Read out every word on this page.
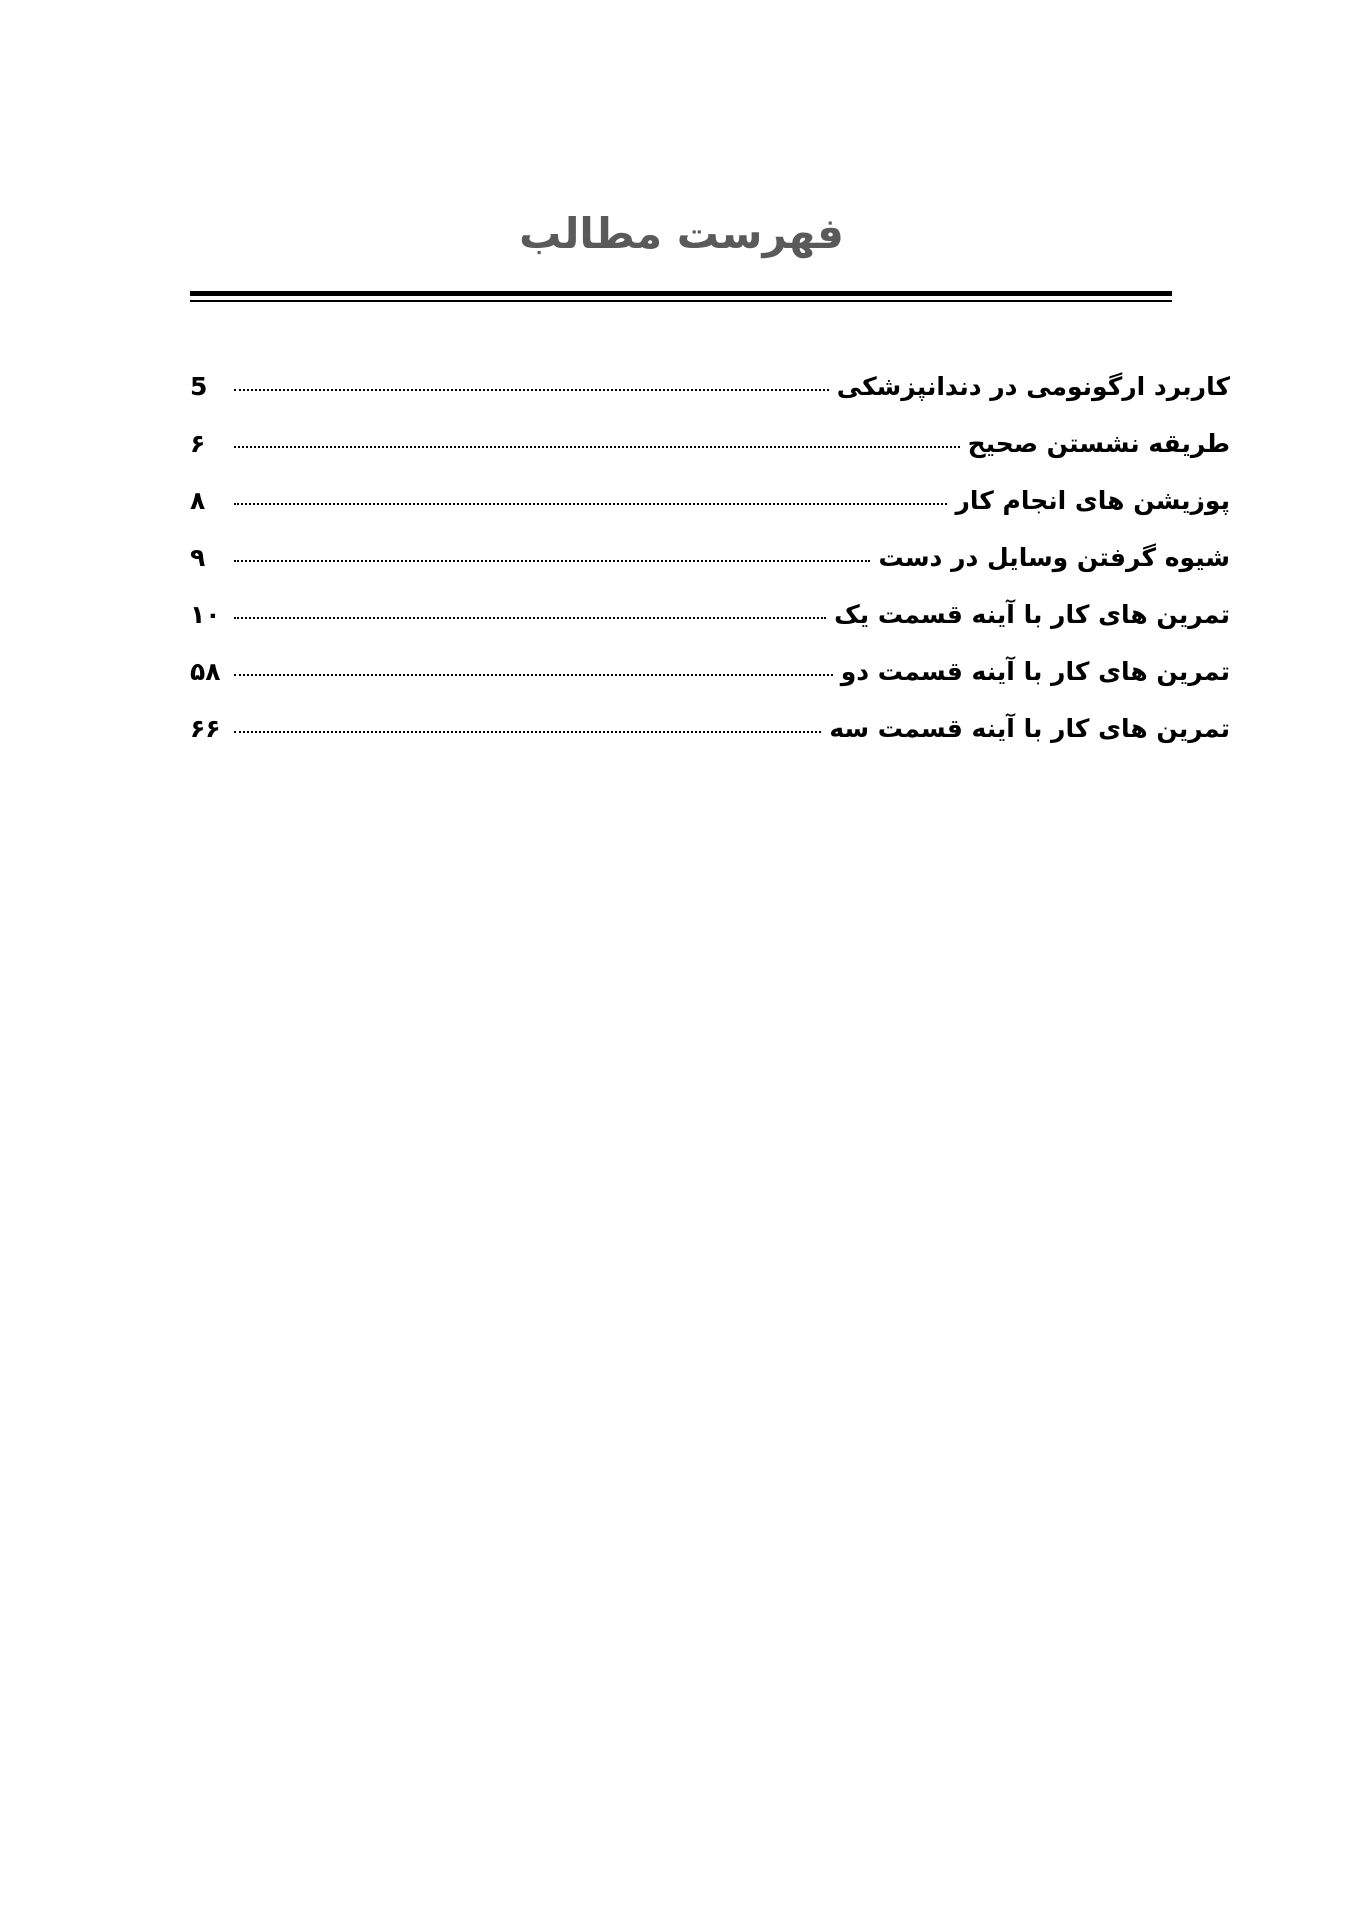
فهرست مطالب
کاربرد ارگونومی در دندانپزشکی
5
طریقه نشستن صحیح
۶
پوزیشن های انجام کار
۸
شیوه گرفتن وسایل در دست
۹
تمرین های کار با آینه قسمت یک
۱۰
تمرین های کار با آینه قسمت دو
۵۸
تمرین های کار با آینه قسمت سه
۶۶
